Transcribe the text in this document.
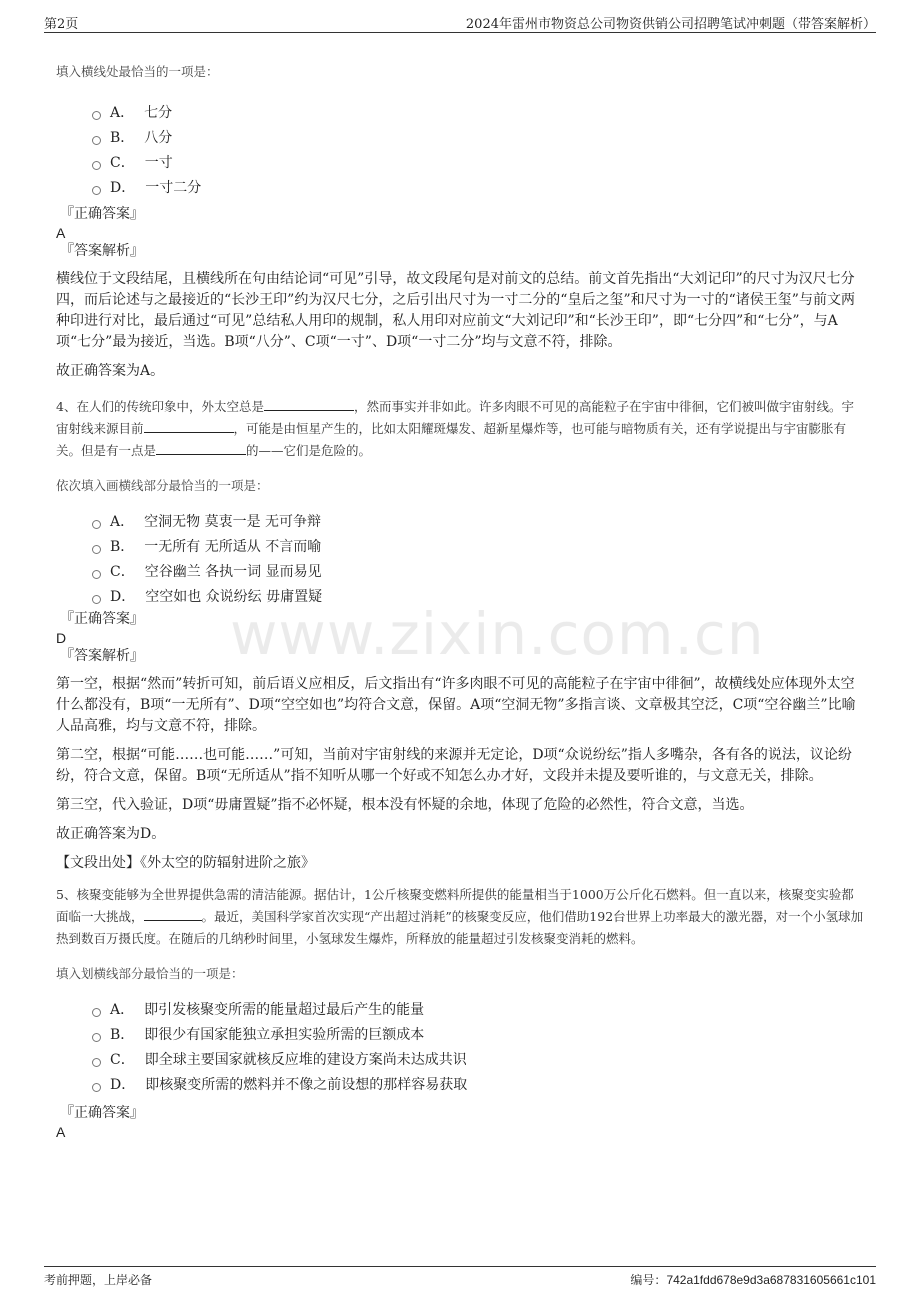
第2页	2024年雷州市物资总公司物资供销公司招聘笔试冲刺题（带答案解析）
www.zixin.com.cn

填入横线处最恰当的一项是：

A． 七分
B． 八分
C． 一寸
D． 一寸二分

『正确答案』

A

『答案解析』

横线位于文段结尾，且横线所在句由结论词“可见”引导，故文段尾句是对前文的总结。前文首先指出“大刘记印”的尺寸为汉尺七分四，而后论述与之最接近的“长沙王印”约为汉尺七分，之后引出尺寸为一寸二分的“皇后之玺”和尺寸为一寸的“诸侯王玺”与前文两种印进行对比，最后通过“可见”总结私人用印的规制，私人用印对应前文“大刘记印”和“长沙王印”，即“七分四”和“七分”，与A项“七分”最为接近，当选。B项“八分”、C项“一寸”、D项“一寸二分”均与文意不符，排除。

故正确答案为A。

4、在人们的传统印象中，外太空总是	，然而事实并非如此。许多肉眼不可见的高能粒子在宇宙中徘徊，它们被叫做宇宙射线。宇宙射线来源目前	，可能是由恒星产生的，比如太阳耀斑爆发、超新星爆炸等，也可能与暗物质有关，还有学说提出与宇宙膨胀有关。但是有一点是	的——它们是危险的。

依次填入画横线部分最恰当的一项是：

A． 空洞无物 莫衷一是 无可争辩
B． 一无所有 无所适从 不言而喻
C． 空谷幽兰 各执一词 显而易见
D． 空空如也 众说纷纭 毋庸置疑

『正确答案』

D

『答案解析』

第一空，根据“然而”转折可知，前后语义应相反，后文指出有“许多肉眼不可见的高能粒子在宇宙中徘徊”，故横线处应体现外太空什么都没有，B项“一无所有”、D项“空空如也”均符合文意，保留。A项“空洞无物”多指言谈、文章极其空泛，C项“空谷幽兰”比喻人品高雅，均与文意不符，排除。

第二空，根据“可能……也可能……”可知，当前对宇宙射线的来源并无定论，D项“众说纷纭”指人多嘴杂，各有各的说法，议论纷纷，符合文意，保留。B项“无所适从”指不知听从哪一个好或不知怎么办才好，文段并未提及要听谁的，与文意无关，排除。

第三空，代入验证，D项“毋庸置疑”指不必怀疑，根本没有怀疑的余地，体现了危险的必然性，符合文意，当选。

故正确答案为D。

【文段出处】《外太空的防辐射进阶之旅》

5、核聚变能够为全世界提供急需的清洁能源。据估计，1公斤核聚变燃料所提供的能量相当于1000万公斤化石燃料。但一直以来，核聚变实验都面临一大挑战，	。最近，美国科学家首次实现“产出超过消耗”的核聚变反应，他们借助192台世界上功率最大的激光器，对一个小氢球加热到数百万摄氏度。在随后的几纳秒时间里，小氢球发生爆炸，所释放的能量超过引发核聚变消耗的燃料。

填入划横线部分最恰当的一项是：

A． 即引发核聚变所需的能量超过最后产生的能量
B． 即很少有国家能独立承担实验所需的巨额成本
C． 即全球主要国家就核反应堆的建设方案尚未达成共识
D． 即核聚变所需的燃料并不像之前设想的那样容易获取

『正确答案』

A

考前押题，上岸必备	编号：742a1fdd678e9d3a687831605661c101
